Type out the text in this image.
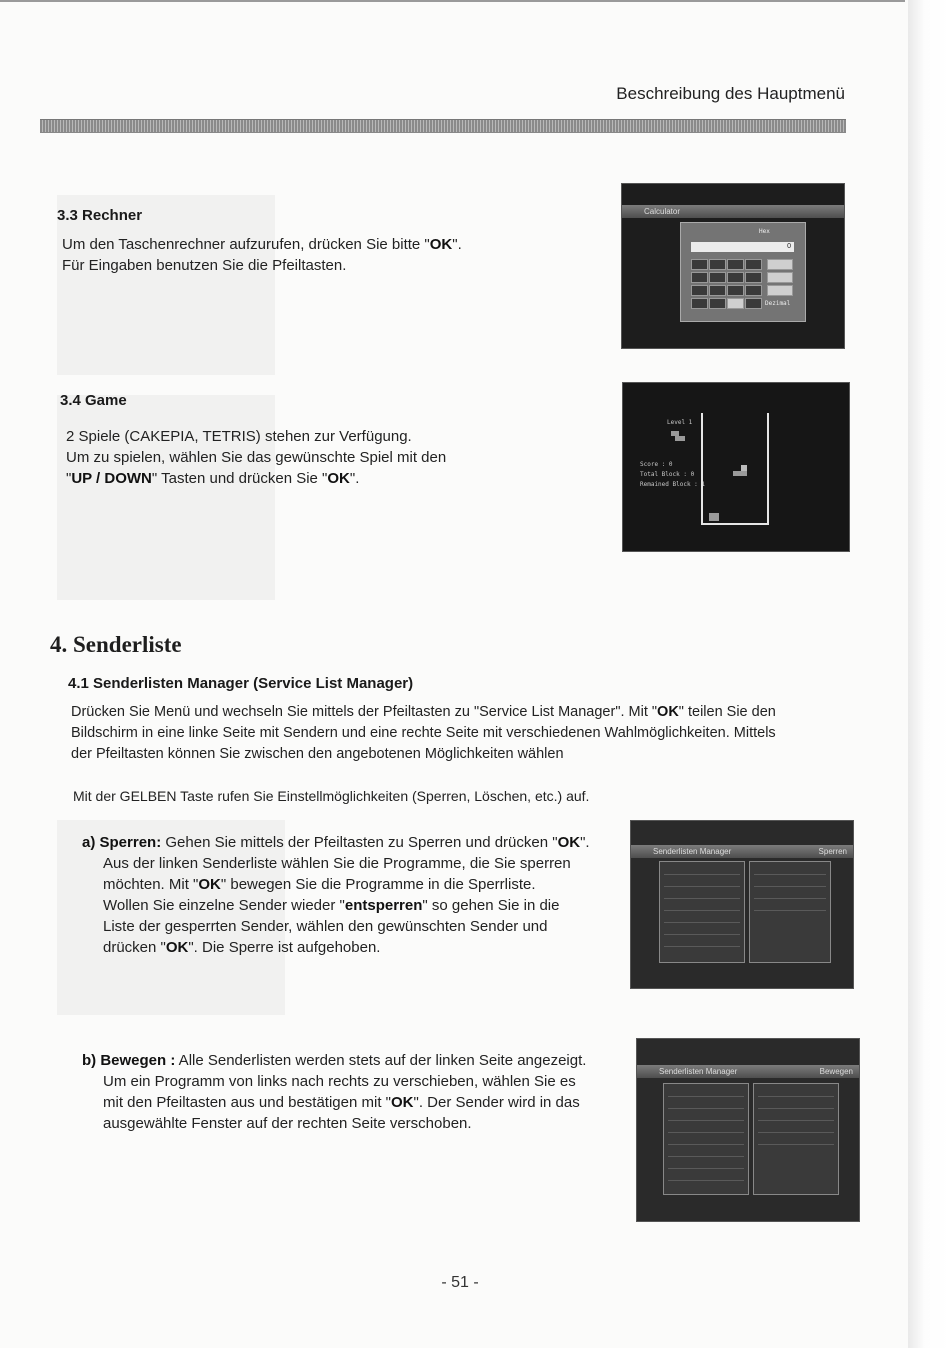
Beschreibung des Hauptmenü
3.3 Rechner
Um den Taschenrechner aufzurufen, drücken Sie bitte "OK".
Für Eingaben benutzen Sie die Pfeiltasten.
Calculator
Hex
0
Dezimal
3.4 Game
2 Spiele (CAKEPIA, TETRIS) stehen zur Verfügung.
Um zu spielen, wählen Sie das gewünschte Spiel mit den
"UP / DOWN" Tasten und drücken Sie "OK".
Level 1
Score : 0
Total Block : 0
Remained Block : 1
4. Senderliste
4.1 Senderlisten Manager (Service List Manager)
Drücken Sie Menü und wechseln Sie mittels der Pfeiltasten zu "Service List Manager". Mit "OK" teilen Sie den
Bildschirm in eine linke Seite mit Sendern und eine rechte Seite mit verschiedenen Wahlmöglichkeiten. Mittels
der Pfeiltasten können Sie zwischen den angebotenen Möglichkeiten wählen
Mit der GELBEN Taste rufen Sie Einstellmöglichkeiten (Sperren, Löschen, etc.) auf.
a) Sperren: Gehen Sie mittels der Pfeiltasten zu Sperren und drücken "OK".
Aus der linken Senderliste wählen Sie die Programme, die Sie sperren
möchten. Mit "OK" bewegen Sie die Programme in die Sperrliste.
Wollen Sie einzelne Sender wieder "entsperren" so gehen Sie in die
Liste der gesperrten Sender, wählen den gewünschten Sender und
drücken "OK". Die Sperre ist aufgehoben.
Senderlisten Manager	Sperren
b) Bewegen : Alle Senderlisten werden stets auf der linken Seite angezeigt.
Um ein Programm von links nach rechts zu verschieben, wählen Sie es
mit den Pfeiltasten aus und bestätigen mit "OK". Der Sender wird in das
ausgewählte Fenster auf der rechten Seite verschoben.
Senderlisten Manager	Bewegen
- 51 -
